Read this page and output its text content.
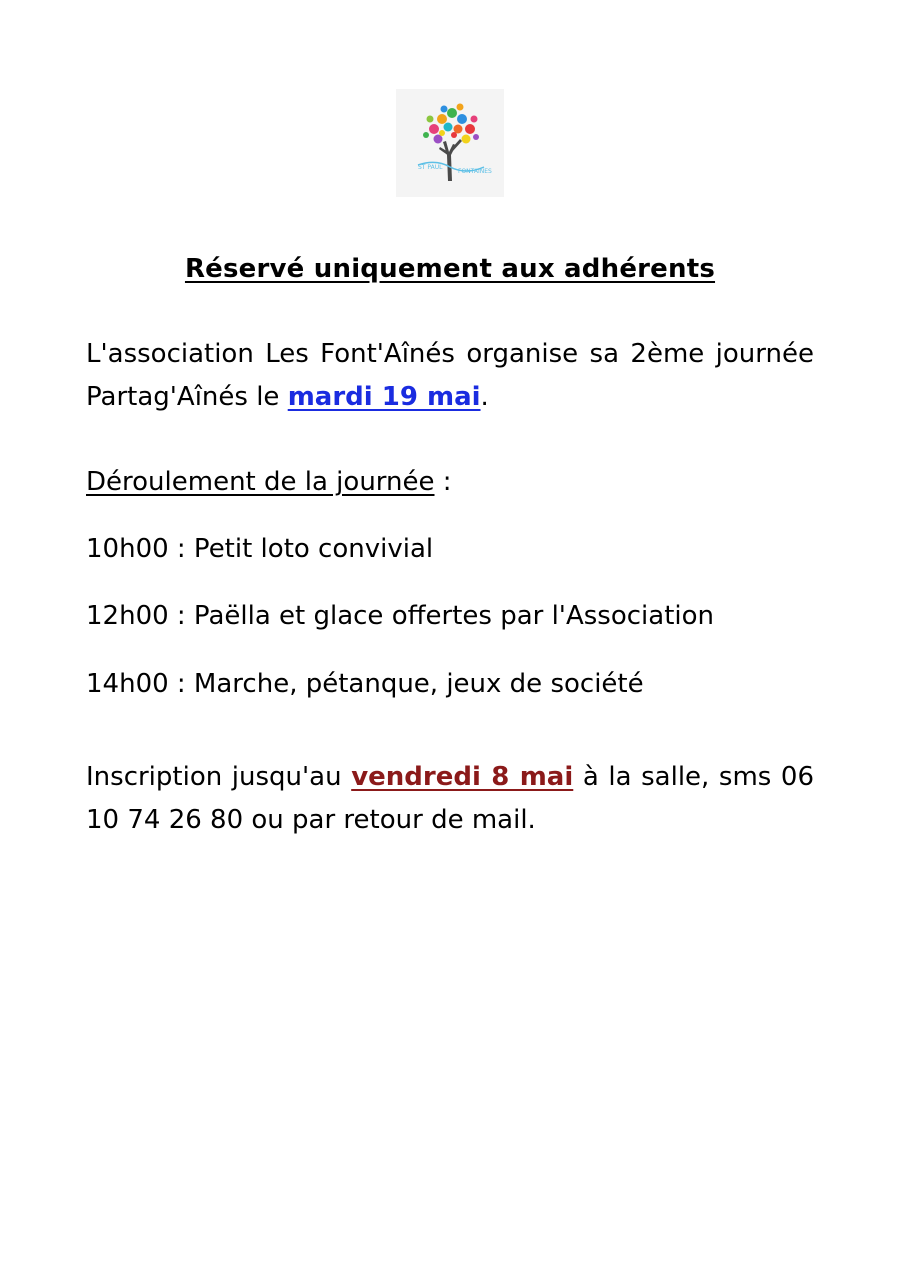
ST PAUL
FONTAINES
Réservé uniquement aux adhérents
L'association Les Font'Aînés organise sa 2ème journée Partag'Aînés le mardi 19 mai.
Déroulement de la journée :
10h00 : Petit loto convivial
12h00 : Paëlla et glace offertes par l'Association
14h00 : Marche, pétanque, jeux de société
Inscription jusqu'au vendredi 8 mai à la salle, sms 06 10 74 26 80 ou par retour de mail.
